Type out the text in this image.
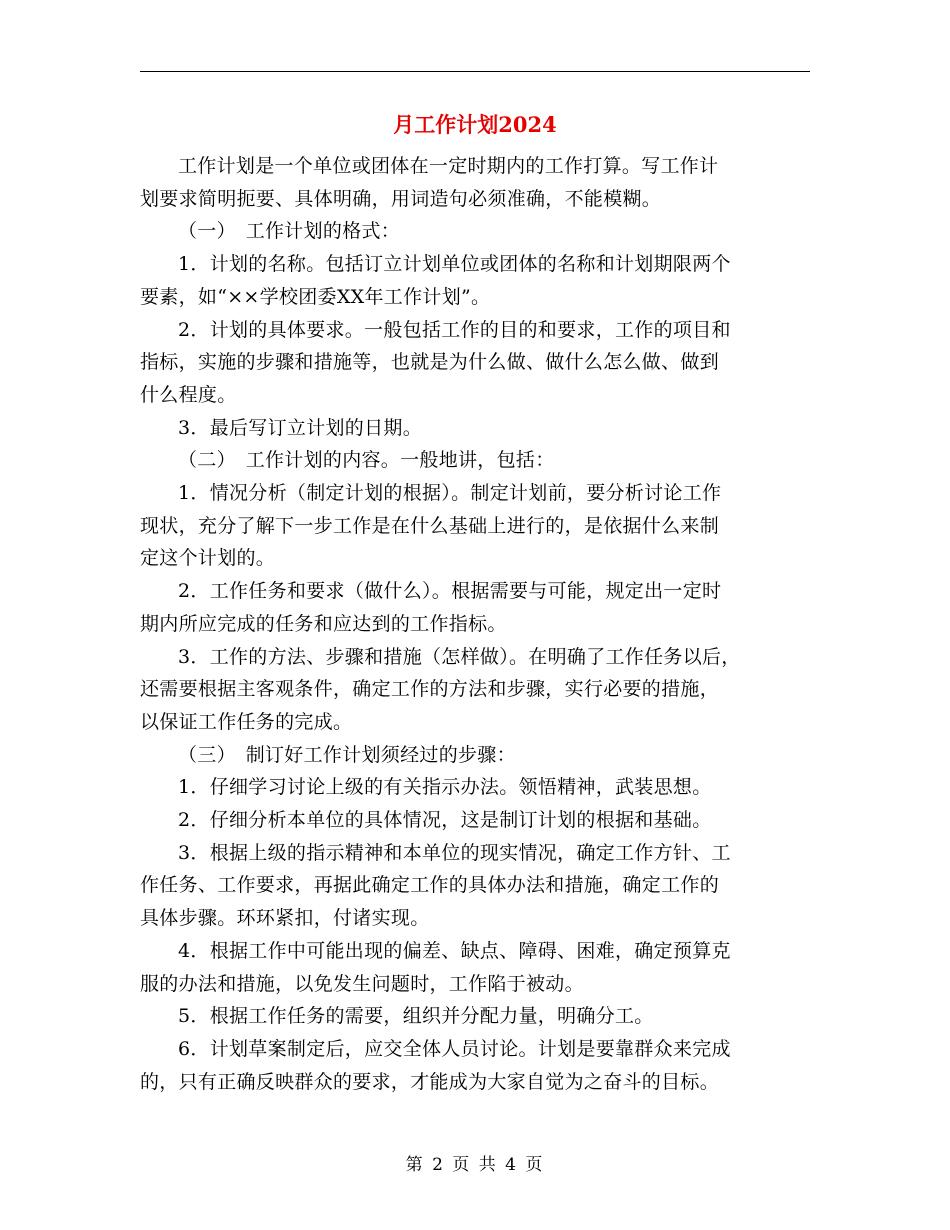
月工作计划2024

工作计划是一个单位或团体在一定时期内的工作打算。写工作计
划要求简明扼要、具体明确，用词造句必须准确，不能模糊。

（一）　工作计划的格式：

1．计划的名称。包括订立计划单位或团体的名称和计划期限两个
要素，如“××学校团委XX年工作计划”。

2．计划的具体要求。一般包括工作的目的和要求，工作的项目和
指标，实施的步骤和措施等，也就是为什么做、做什么怎么做、做到
什么程度。

3．最后写订立计划的日期。

（二）　工作计划的内容。一般地讲，包括：

1．情况分析（制定计划的根据）。制定计划前，要分析讨论工作
现状，充分了解下一步工作是在什么基础上进行的，是依据什么来制
定这个计划的。

2．工作任务和要求（做什么）。根据需要与可能，规定出一定时
期内所应完成的任务和应达到的工作指标。

3．工作的方法、步骤和措施（怎样做）。在明确了工作任务以后，
还需要根据主客观条件，确定工作的方法和步骤，实行必要的措施，
以保证工作任务的完成。

（三）　制订好工作计划须经过的步骤：

1．仔细学习讨论上级的有关指示办法。领悟精神，武装思想。

2．仔细分析本单位的具体情况，这是制订计划的根据和基础。

3．根据上级的指示精神和本单位的现实情况，确定工作方针、工
作任务、工作要求，再据此确定工作的具体办法和措施，确定工作的
具体步骤。环环紧扣，付诸实现。

4．根据工作中可能出现的偏差、缺点、障碍、困难，确定预算克
服的办法和措施，以免发生问题时，工作陷于被动。

5．根据工作任务的需要，组织并分配力量，明确分工。

6．计划草案制定后，应交全体人员讨论。计划是要靠群众来完成
的，只有正确反映群众的要求，才能成为大家自觉为之奋斗的目标。

第 2 页 共 4 页
